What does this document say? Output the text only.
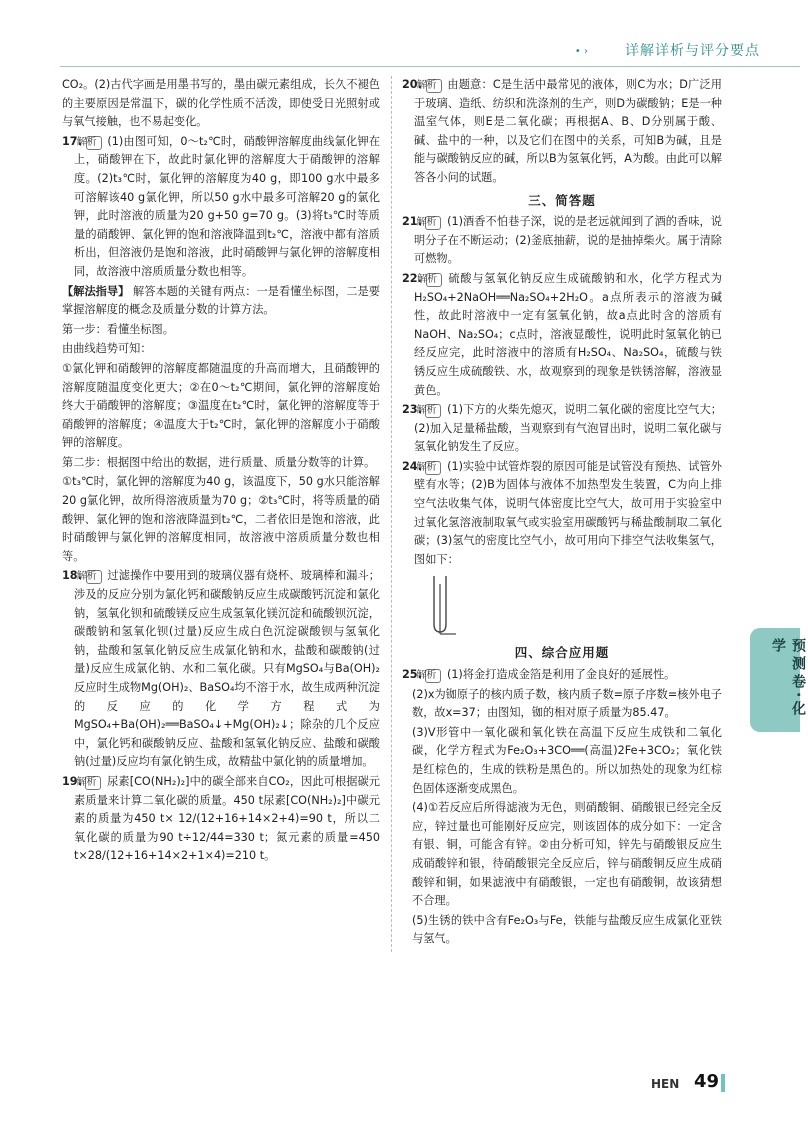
• ›	详解详析与评分要点

CO₂。(2)古代字画是用墨书写的，墨由碳元素组成，长久不褪色的主要原因是常温下，碳的化学性质不活泼，即使受日光照射或与氧气接触，也不易起变化。

17. 解析 (1)由图可知，0～t₂℃时，硝酸钾溶解度曲线氯化钾在上，硝酸钾在下，故此时氯化钾的溶解度大于硝酸钾的溶解度。(2)t₃℃时，氯化钾的溶解度为40 g，即100 g水中最多可溶解该40 g氯化钾，所以50 g水中最多可溶解20 g的氯化钾，此时溶液的质量为20 g+50 g=70 g。(3)将t₃℃时等质量的硝酸钾、氯化钾的饱和溶液降温到t₂℃，溶液中都有溶质析出，但溶液仍是饱和溶液，此时硝酸钾与氯化钾的溶解度相同，故溶液中溶质质量分数也相等。

【解法指导】 解答本题的关键有两点：一是看懂坐标图，二是要掌握溶解度的概念及质量分数的计算方法。

第一步：看懂坐标图。

由曲线趋势可知：

①氯化钾和硝酸钾的溶解度都随温度的升高而增大，且硝酸钾的溶解度随温度变化更大；②在0～t₂℃期间，氯化钾的溶解度始终大于硝酸钾的溶解度；③温度在t₂℃时，氯化钾的溶解度等于硝酸钾的溶解度；④温度大于t₂℃时，氯化钾的溶解度小于硝酸钾的溶解度。

第二步：根据图中给出的数据，进行质量、质量分数等的计算。

①t₃℃时，氯化钾的溶解度为40 g，该温度下，50 g水只能溶解20 g氯化钾，故所得溶液质量为70 g；②t₃℃时，将等质量的硝酸钾、氯化钾的饱和溶液降温到t₂℃，二者依旧是饱和溶液，此时硝酸钾与氯化钾的溶解度相同，故溶液中溶质质量分数也相等。

18. 解析 过滤操作中要用到的玻璃仪器有烧杯、玻璃棒和漏斗；涉及的反应分别为氯化钙和碳酸钠反应生成碳酸钙沉淀和氯化钠，氢氧化钡和硫酸镁反应生成氢氧化镁沉淀和硫酸钡沉淀，碳酸钠和氢氧化钡(过量)反应生成白色沉淀碳酸钡与氢氧化钠，盐酸和氢氧化钠反应生成氯化钠和水，盐酸和碳酸钠(过量)反应生成氯化钠、水和二氧化碳。只有MgSO₄与Ba(OH)₂反应时生成物Mg(OH)₂、BaSO₄均不溶于水，故生成两种沉淀的反应的化学方程式为MgSO₄+Ba(OH)₂══BaSO₄↓+Mg(OH)₂↓；除杂的几个反应中，氯化钙和碳酸钠反应、盐酸和氢氧化钠反应、盐酸和碳酸钠(过量)反应均有氯化钠生成，故精盐中氯化钠的质量增加。

19. 解析 尿素[CO(NH₂)₂]中的碳全部来自CO₂，因此可根据碳元素质量来计算二氧化碳的质量。450 t尿素[CO(NH₂)₂]中碳元素的质量为450 t× 12/(12+16+14×2+4)=90 t，所以二氧化碳的质量为90 t÷12/44=330 t；氮元素的质量=450 t×28/(12+16+14×2+1×4)=210 t。

20. 解析 由题意：C是生活中最常见的液体，则C为水；D广泛用于玻璃、造纸、纺织和洗涤剂的生产，则D为碳酸钠；E是一种温室气体，则E是二氧化碳；再根据A、B、D分别属于酸、碱、盐中的一种，以及它们在图中的关系，可知B为碱，且是能与碳酸钠反应的碱，所以B为氢氧化钙，A为酸。由此可以解答各小问的试题。

三、简答题

21. 解析 (1)酒香不怕巷子深，说的是老远就闻到了酒的香味，说明分子在不断运动；(2)釜底抽薪，说的是抽掉柴火。属于清除可燃物。

22. 解析 硫酸与氢氧化钠反应生成硫酸钠和水，化学方程式为H₂SO₄+2NaOH══Na₂SO₄+2H₂O。a点所表示的溶液为碱性，故此时溶液中一定有氢氧化钠，故a点此时含的溶质有NaOH、Na₂SO₄；c点时，溶液显酸性，说明此时氢氧化钠已经反应完，此时溶液中的溶质有H₂SO₄、Na₂SO₄，硫酸与铁锈反应生成硫酸铁、水，故观察到的现象是铁锈溶解，溶液显黄色。

23. 解析 (1)下方的火柴先熄灭，说明二氧化碳的密度比空气大；(2)加入足量稀盐酸，当观察到有气泡冒出时，说明二氧化碳与氢氧化钠发生了反应。

24. 解析 (1)实验中试管炸裂的原因可能是试管没有预热、试管外壁有水等；(2)B为固体与液体不加热型发生装置，C为向上排空气法收集气体，说明气体密度比空气大，故可用于实验室中过氧化氢溶液制取氧气或实验室用碳酸钙与稀盐酸制取二氧化碳；(3)氢气的密度比空气小，故可用向下排空气法收集氢气，图如下：

四、综合应用题

25. 解析 (1)将金打造成金箔是利用了金良好的延展性。

(2)x为铷原子的核内质子数，核内质子数=原子序数=核外电子数，故x=37；由图知，铷的相对原子质量为85.47。

(3)V形管中一氧化碳和氧化铁在高温下反应生成铁和二氧化碳，化学方程式为Fe₂O₃+3CO══(高温)2Fe+3CO₂；氧化铁是红棕色的，生成的铁粉是黑色的。所以加热处的现象为红棕色固体逐渐变成黑色。

(4)①若反应后所得滤液为无色，则硝酸铜、硝酸银已经完全反应，锌过量也可能刚好反应完，则该固体的成分如下：一定含有银、铜，可能含有锌。②由分析可知，锌先与硝酸银反应生成硝酸锌和银，待硝酸银完全反应后，锌与硝酸铜反应生成硝酸锌和铜，如果滤液中有硝酸银，一定也有硝酸铜，故该猜想不合理。

(5)生锈的铁中含有Fe₂O₃与Fe，铁能与盐酸反应生成氯化亚铁与氢气。

预测卷·化学
HEN 49
